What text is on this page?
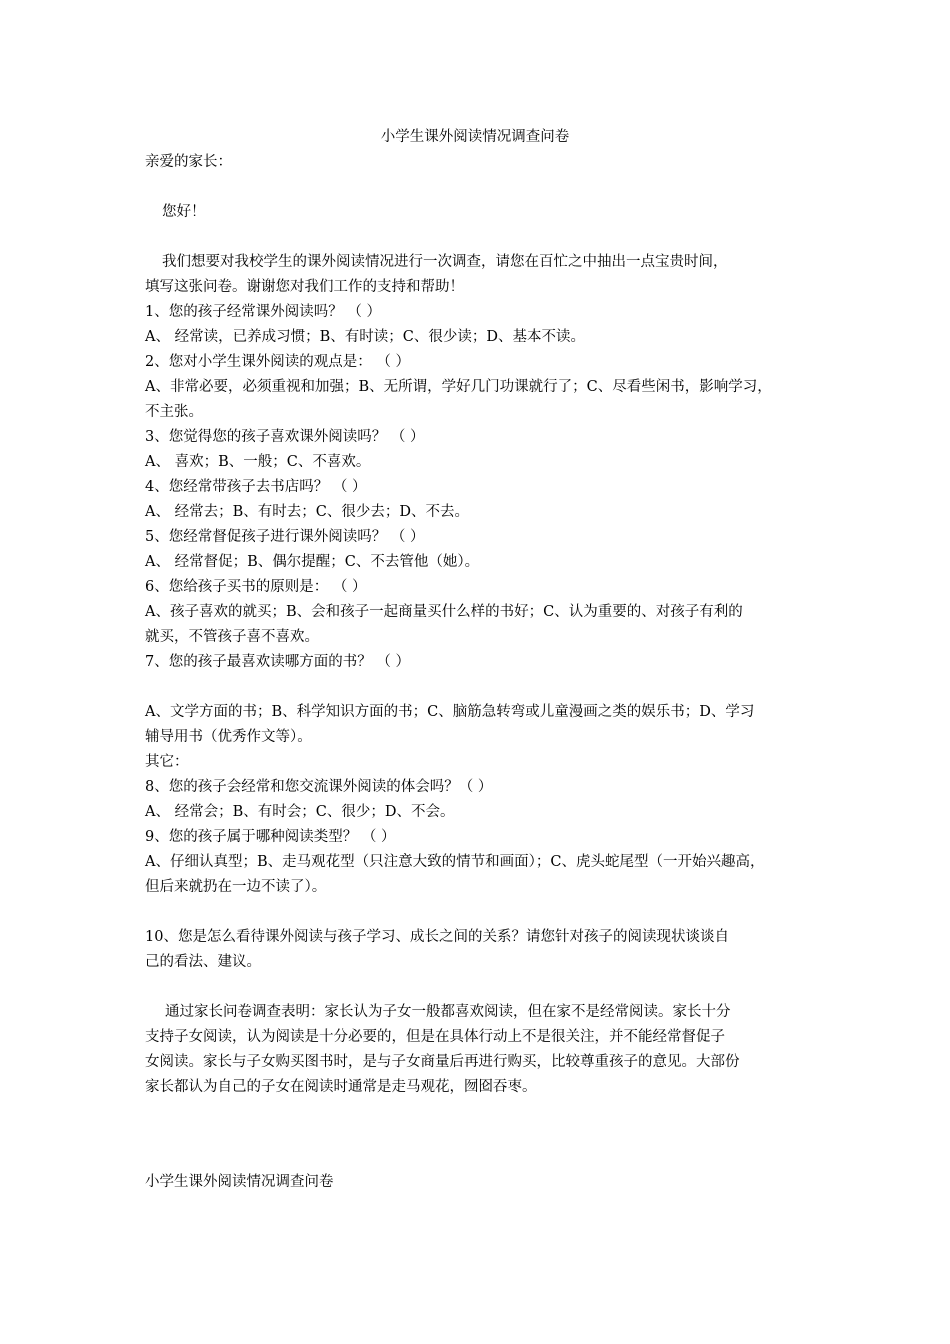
小学生课外阅读情况调查问卷
亲爱的家长：
您好！
我们想要对我校学生的课外阅读情况进行一次调查，请您在百忙之中抽出一点宝贵时间，
填写这张问卷。谢谢您对我们工作的支持和帮助！
1、您的孩子经常课外阅读吗？ （ ）
A、 经常读，已养成习惯；B、有时读；C、很少读；D、基本不读。
2、您对小学生课外阅读的观点是： （ ）
A、非常必要，必须重视和加强；B、无所谓，学好几门功课就行了；C、尽看些闲书，影响学习，
不主张。
3、您觉得您的孩子喜欢课外阅读吗？ （ ）
A、 喜欢；B、一般；C、不喜欢。
4、您经常带孩子去书店吗？ （ ）
A、 经常去；B、有时去；C、很少去；D、不去。
5、您经常督促孩子进行课外阅读吗？ （ ）
A、 经常督促；B、偶尔提醒；C、不去管他（她）。
6、您给孩子买书的原则是： （ ）
A、孩子喜欢的就买；B、会和孩子一起商量买什么样的书好；C、认为重要的、对孩子有利的
就买，不管孩子喜不喜欢。
7、您的孩子最喜欢读哪方面的书？ （ ）
A、文学方面的书；B、科学知识方面的书；C、脑筋急转弯或儿童漫画之类的娱乐书；D、学习
辅导用书（优秀作文等）。
其它：
8、您的孩子会经常和您交流课外阅读的体会吗？（ ）
A、 经常会；B、有时会；C、很少；D、不会。
9、您的孩子属于哪种阅读类型？ （ ）
A、仔细认真型；B、走马观花型（只注意大致的情节和画面）；C、虎头蛇尾型（一开始兴趣高，
但后来就扔在一边不读了）。
10、您是怎么看待课外阅读与孩子学习、成长之间的关系？请您针对孩子的阅读现状谈谈自
己的看法、建议。
通过家长问卷调查表明：家长认为子女一般都喜欢阅读，但在家不是经常阅读。家长十分
支持子女阅读，认为阅读是十分必要的，但是在具体行动上不是很关注，并不能经常督促子
女阅读。家长与子女购买图书时，是与子女商量后再进行购买，比较尊重孩子的意见。大部份
家长都认为自己的子女在阅读时通常是走马观花，囫囵吞枣。
小学生课外阅读情况调查问卷
